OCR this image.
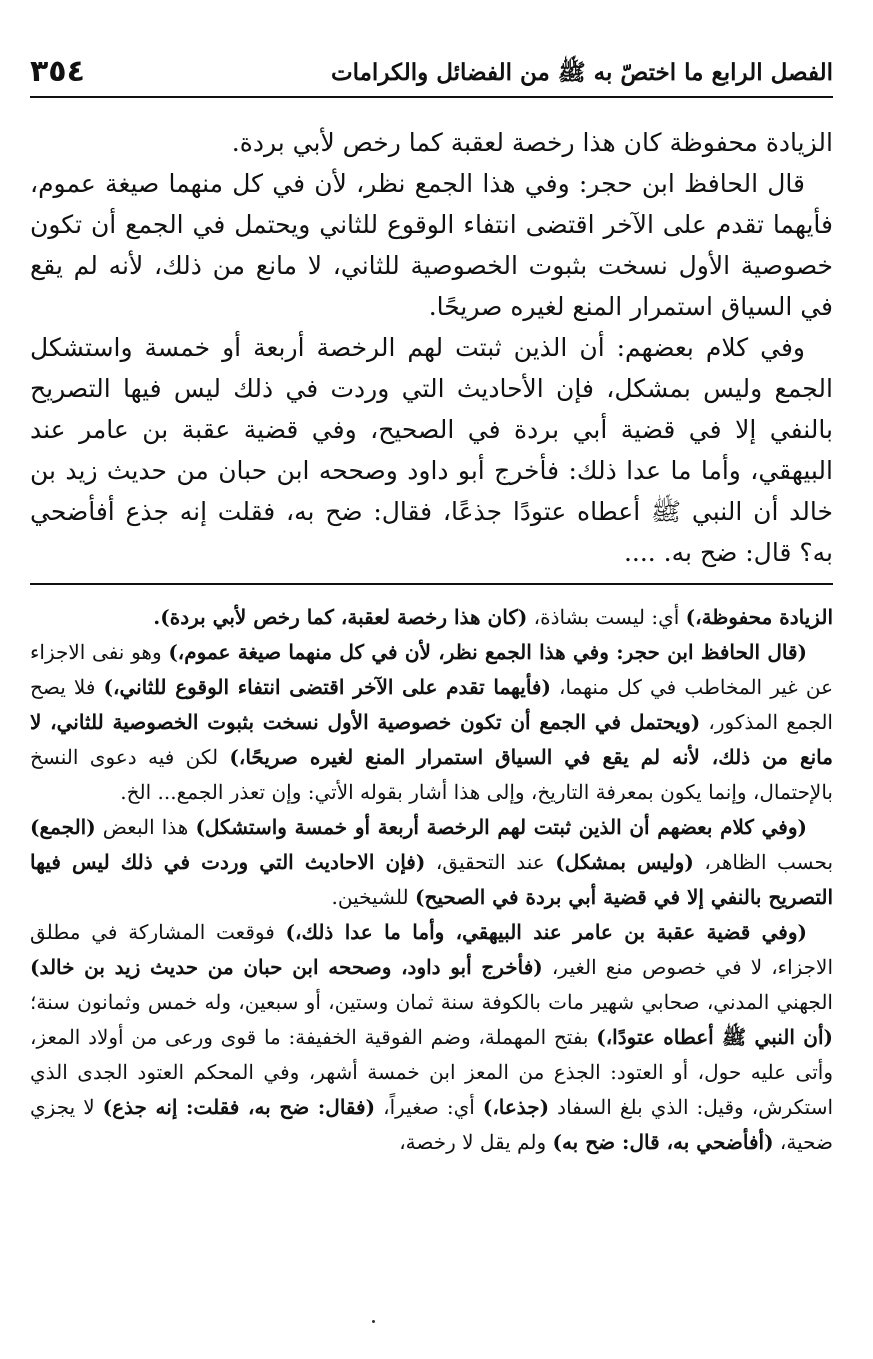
٣٥٤	الفصل الرابع ما اختصّ به ﷺ من الفضائل والكرامات

الزيادة محفوظة كان هذا رخصة لعقبة كما رخص لأبي بردة.

قال الحافظ ابن حجر: وفي هذا الجمع نظر، لأن في كل منهما صيغة عموم، فأيهما تقدم على الآخر اقتضى انتفاء الوقوع للثاني ويحتمل في الجمع أن تكون خصوصية الأول نسخت بثبوت الخصوصية للثاني، لا مانع من ذلك، لأنه لم يقع في السياق استمرار المنع لغيره صريحًا.

وفي كلام بعضهم: أن الذين ثبتت لهم الرخصة أربعة أو خمسة واستشكل الجمع وليس بمشكل، فإن الأحاديث التي وردت في ذلك ليس فيها التصريح بالنفي إلا في قضية أبي بردة في الصحيح، وفي قضية عقبة بن عامر عند البيهقي، وأما ما عدا ذلك: فأخرج أبو داود وصححه ابن حبان من حديث زيد بن خالد أن النبي ﷺ أعطاه عتودًا جذعًا، فقال: ضح به، فقلت إنه جذع أفأضحي به؟ قال: ضح به. ....

الزيادة محفوظة،) أي: ليست بشاذة، (كان هذا رخصة لعقبة، كما رخص لأبي بردة).

(قال الحافظ ابن حجر: وفي هذا الجمع نظر، لأن في كل منهما صيغة عموم،) وهو نفى الاجزاء عن غير المخاطب في كل منهما، (فأيهما تقدم على الآخر اقتضى انتفاء الوقوع للثاني،) فلا يصح الجمع المذكور، (ويحتمل في الجمع أن تكون خصوصية الأول نسخت بثبوت الخصوصية للثاني، لا مانع من ذلك، لأنه لم يقع في السياق استمرار المنع لغيره صريحًا،) لكن فيه دعوى النسخ بالإحتمال، وإنما يكون بمعرفة التاريخ، وإلى هذا أشار بقوله الأتي: وإن تعذر الجمع... الخ.

(وفي كلام بعضهم أن الذين ثبتت لهم الرخصة أربعة أو خمسة واستشكل) هذا البعض (الجمع) بحسب الظاهر، (وليس بمشكل) عند التحقيق، (فإن الاحاديث التي وردت في ذلك ليس فيها التصريح بالنفي إلا في قضية أبي بردة في الصحيح) للشيخين.

(وفي قضية عقبة بن عامر عند البيهقي، وأما ما عدا ذلك،) فوقعت المشاركة في مطلق الاجزاء، لا في خصوص منع الغير، (فأخرج أبو داود، وصححه ابن حبان من حديث زيد بن خالد) الجهني المدني، صحابي شهير مات بالكوفة سنة ثمان وستين، أو سبعين، وله خمس وثمانون سنة؛ (أن النبي ﷺ أعطاه عتودًا،) بفتح المهملة، وضم الفوقية الخفيفة: ما قوى ورعى من أولاد المعز، وأتى عليه حول، أو العتود: الجذع من المعز ابن خمسة أشهر، وفي المحكم العتود الجدى الذي استكرش، وقيل: الذي بلغ السفاد (جذعا،) أي: صغيراً، (فقال: ضح به، فقلت: إنه جذع) لا يجزي ضحية، (أفأضحي به، قال: ضح به) ولم يقل لا رخصة،
